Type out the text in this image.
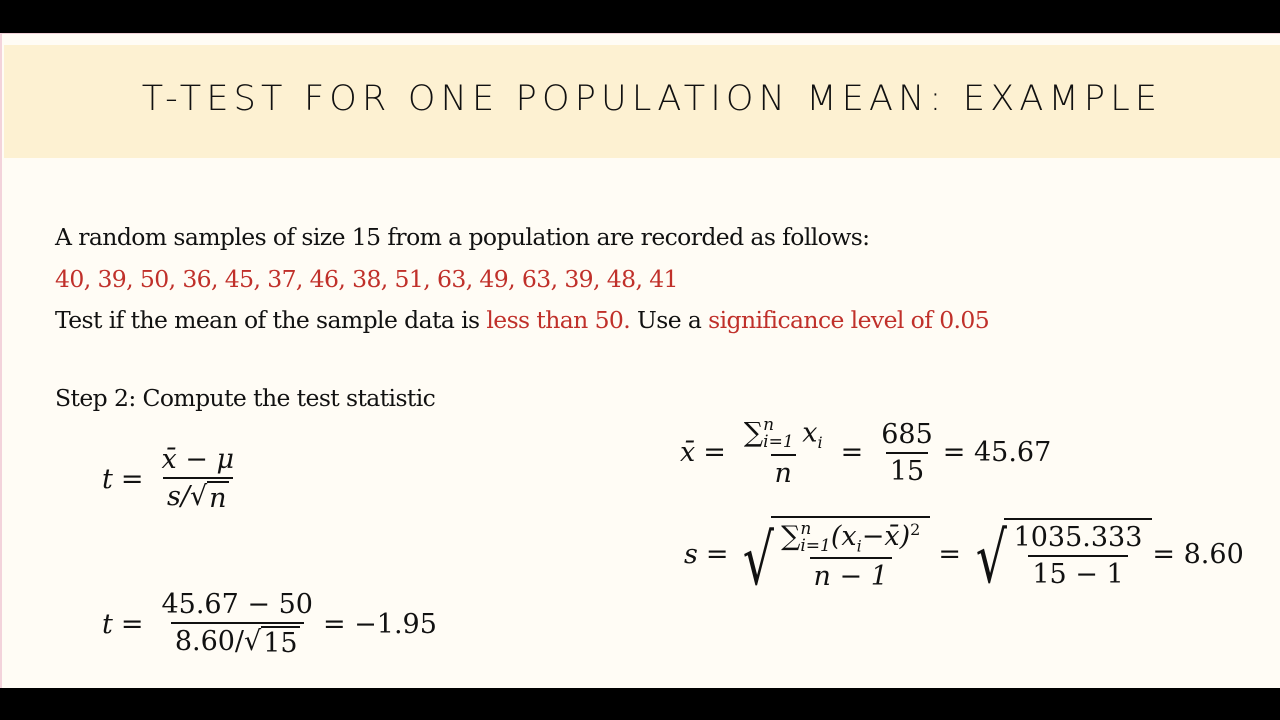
T-TEST FOR ONE POPULATION MEAN: EXAMPLE
A random samples of size 15 from a population are recorded as follows:
40, 39, 50, 36, 45, 37, 46, 38, 51, 63, 49, 63, 39, 48, 41
Test if the mean of the sample data is less than 50. Use a significance level of 0.05
Step 2: Compute the test statistic
$t = \frac{x̄ - \mu}{s/ √ n}$
$t = \frac{45.67 - 50}{8.60/ √ 15} = -1.95$
x̄ = ∑ n
i=1 $x_i$
$n = \frac{685}{15} = 45.67$
s = √ ∑ n
i=1 $(x_i-x̄)^2$
n − 1 = √ $\frac{1035.333}{15 - 1} = 8.60$
